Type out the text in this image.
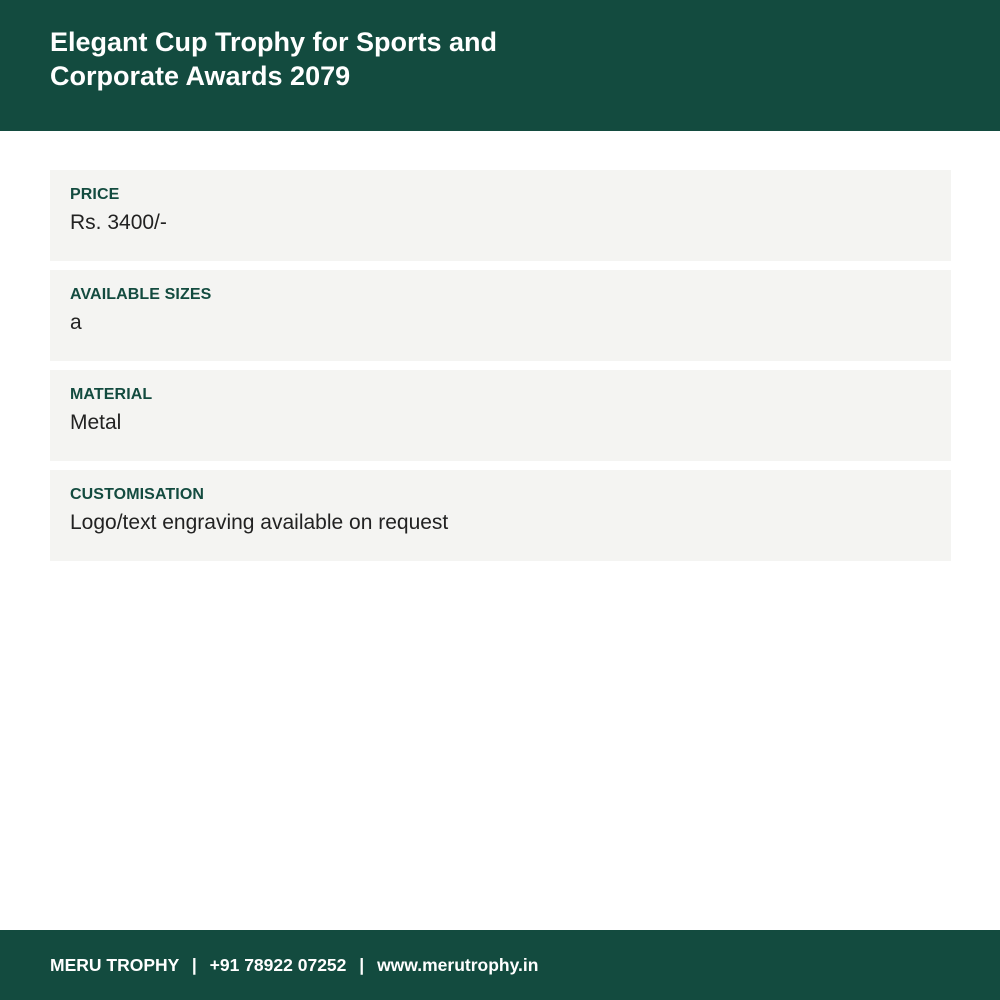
Elegant Cup Trophy for Sports and Corporate Awards 2079
PRICE
Rs. 3400/-
AVAILABLE SIZES
a
MATERIAL
Metal
CUSTOMISATION
Logo/text engraving available on request
MERU TROPHY | +91 78922 07252 | www.merutrophy.in
